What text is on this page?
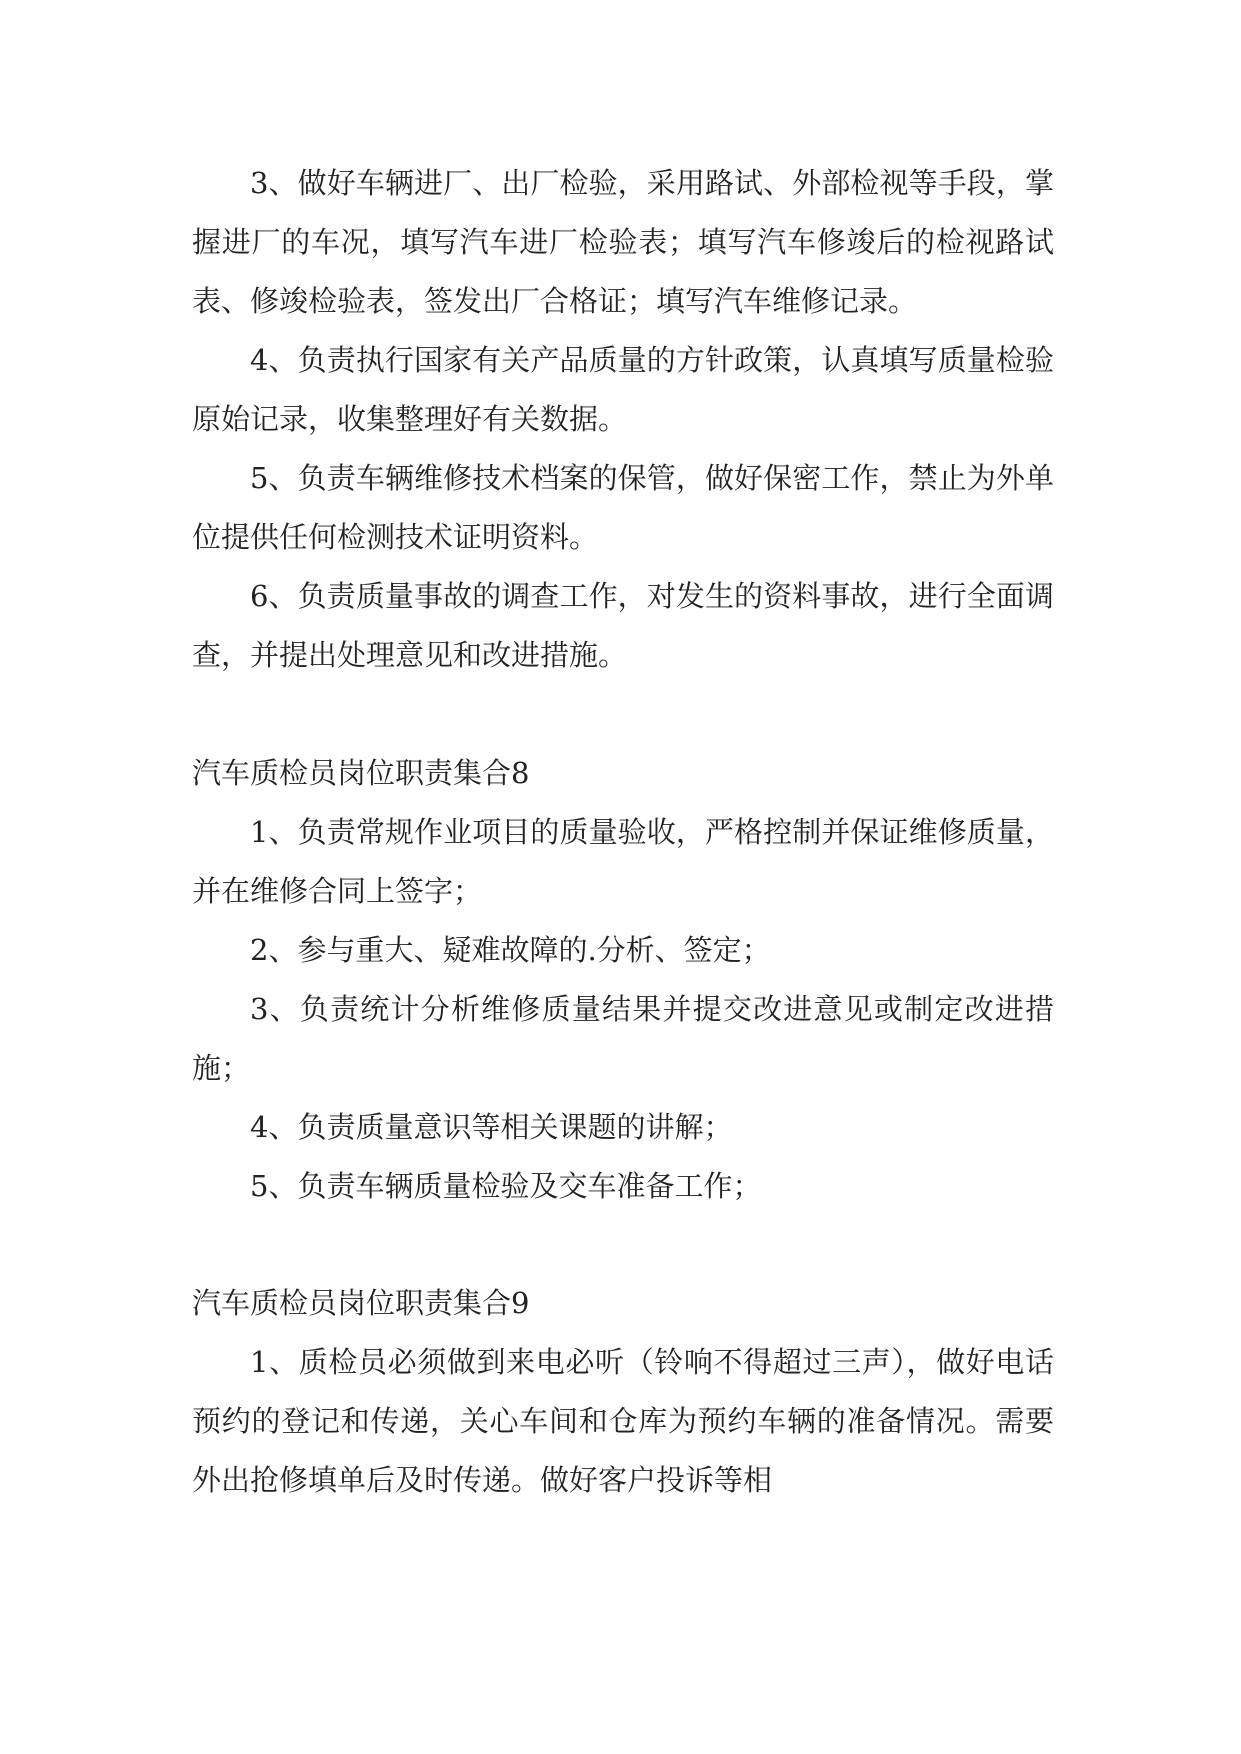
3、做好车辆进厂、出厂检验，采用路试、外部检视等手段，掌握进厂的车况，填写汽车进厂检验表；填写汽车修竣后的检视路试表、修竣检验表，签发出厂合格证；填写汽车维修记录。

4、负责执行国家有关产品质量的方针政策，认真填写质量检验原始记录，收集整理好有关数据。

5、负责车辆维修技术档案的保管，做好保密工作，禁止为外单位提供任何检测技术证明资料。

6、负责质量事故的调查工作，对发生的资料事故，进行全面调查，并提出处理意见和改进措施。

汽车质检员岗位职责集合8

1、负责常规作业项目的质量验收，严格控制并保证维修质量，并在维修合同上签字；

2、参与重大、疑难故障的.分析、签定；

3、负责统计分析维修质量结果并提交改进意见或制定改进措施；

4、负责质量意识等相关课题的讲解；

5、负责车辆质量检验及交车准备工作；

汽车质检员岗位职责集合9

1、质检员必须做到来电必听（铃响不得超过三声），做好电话预约的登记和传递，关心车间和仓库为预约车辆的准备情况。需要外出抢修填单后及时传递。做好客户投诉等相
